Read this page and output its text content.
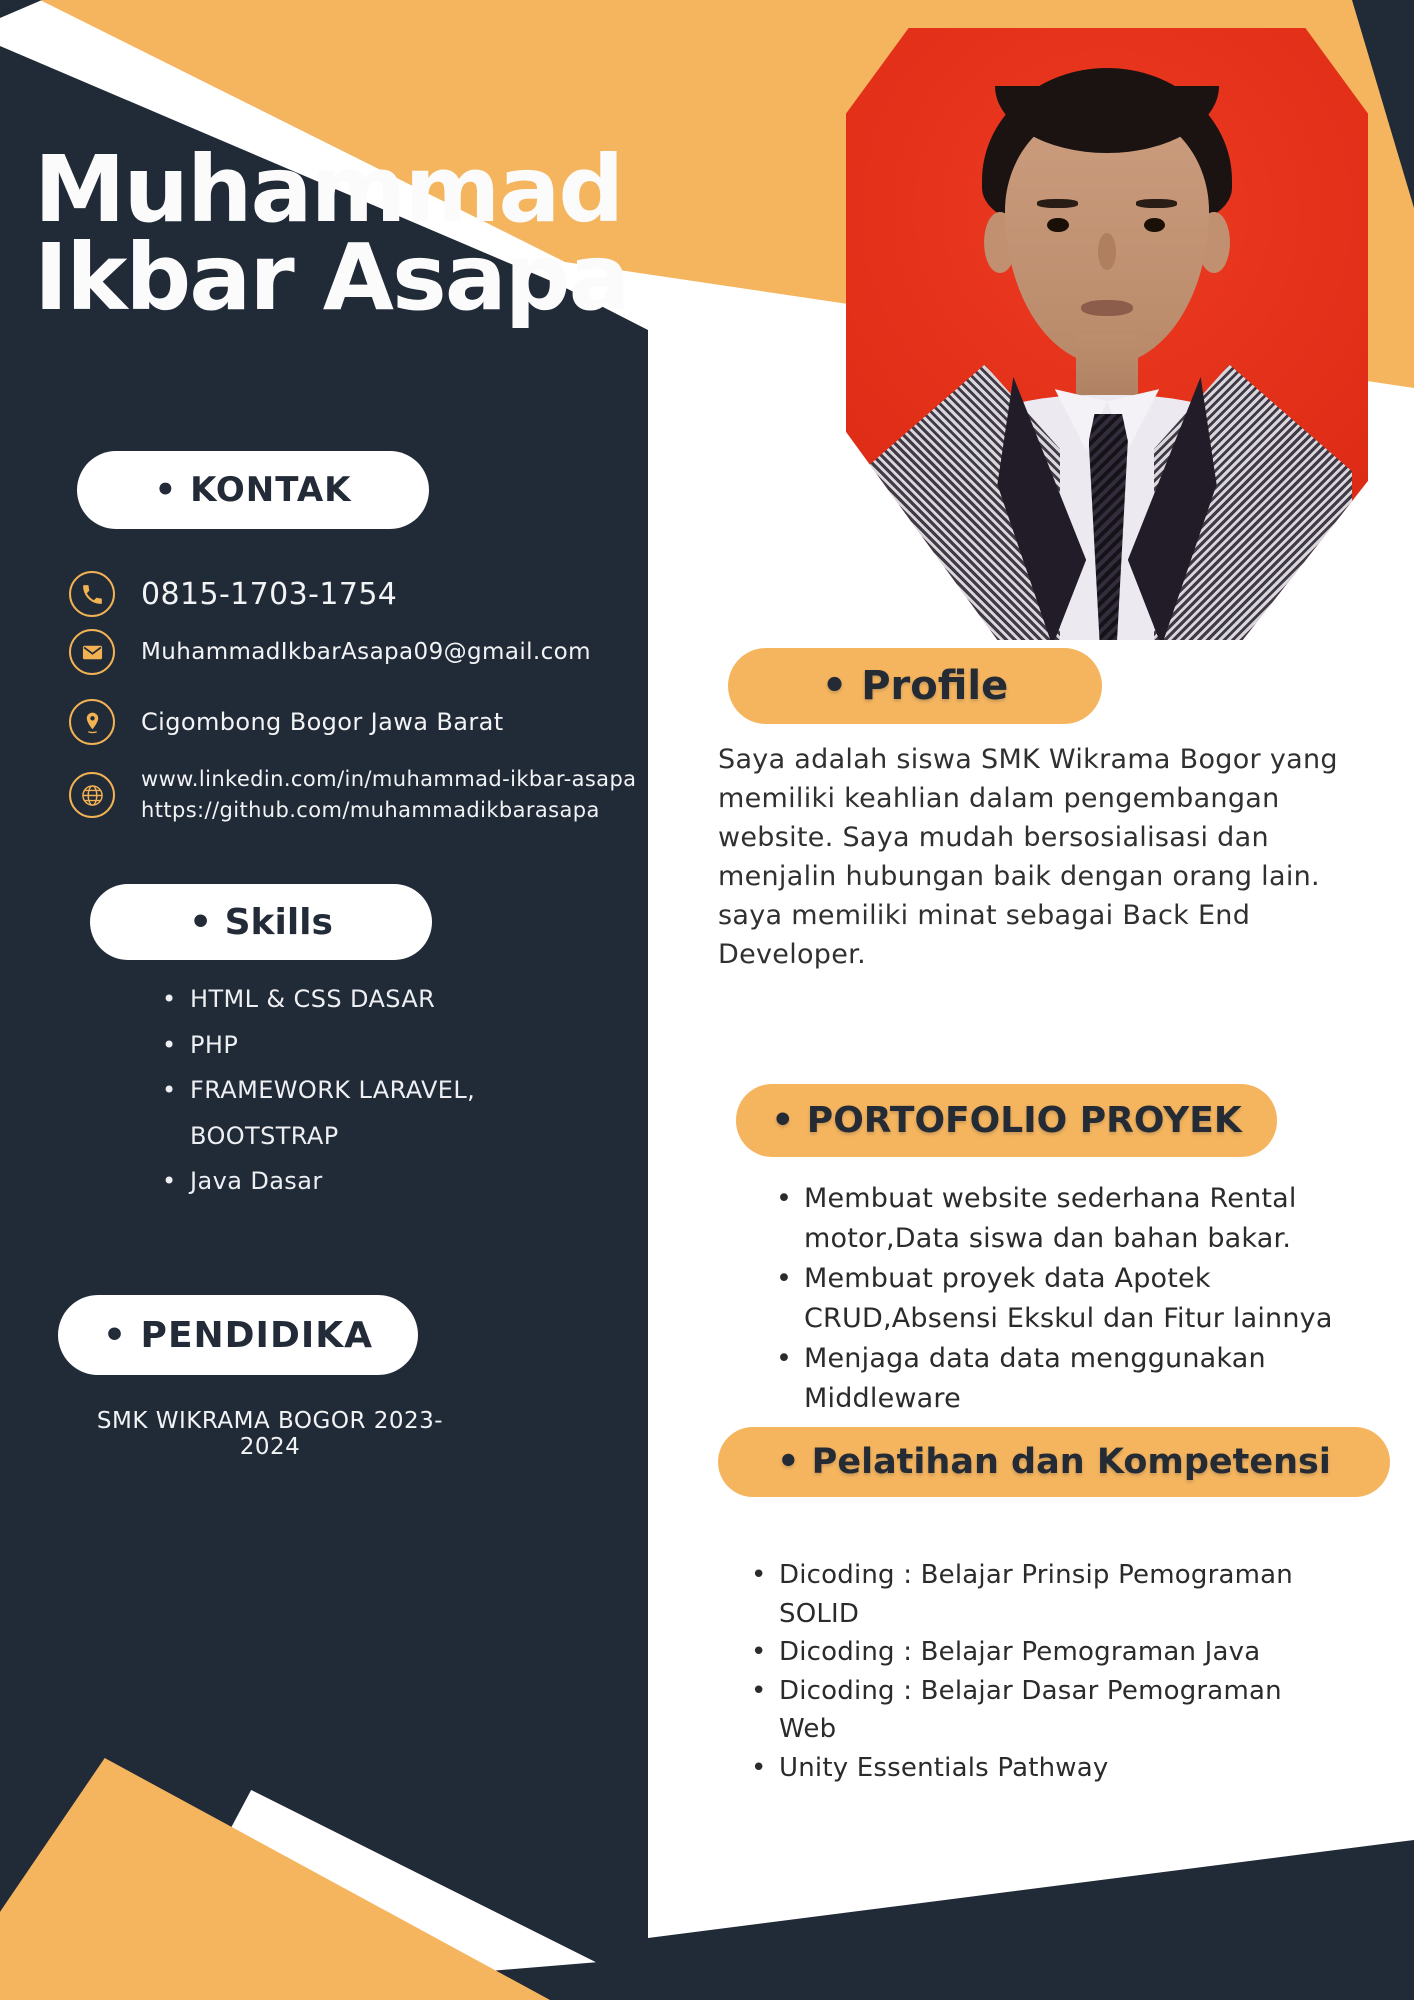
Muhammad
Ikbar Asapa
• KONTAK
0815-1703-1754
MuhammadIkbarAsapa09@gmail.com
Cigombong Bogor Jawa Barat
www.linkedin.com/in/muhammad-ikbar-asapa
https://github.com/muhammadikbarasapa
• Skills
• HTML & CSS DASAR
• PHP
• FRAMEWORK LARAVEL,
BOOTSTRAP
• Java Dasar
• PENDIDIKA
SMK WIKRAMA BOGOR 2023-2024
• Profile
Saya adalah siswa SMK Wikrama Bogor yang
memiliki keahlian dalam pengembangan
website. Saya mudah bersosialisasi dan
menjalin hubungan baik dengan orang lain.
saya memiliki minat sebagai Back End
Developer.
• PORTOFOLIO PROYEK
• Membuat website sederhana Rental
motor,Data siswa dan bahan bakar.
• Membuat proyek data Apotek
CRUD,Absensi Ekskul dan Fitur lainnya
• Menjaga data data menggunakan
Middleware
• Pelatihan dan Kompetensi
• Dicoding : Belajar Prinsip Pemograman
SOLID
• Dicoding : Belajar Pemograman Java
• Dicoding : Belajar Dasar Pemograman
Web
• Unity Essentials Pathway
